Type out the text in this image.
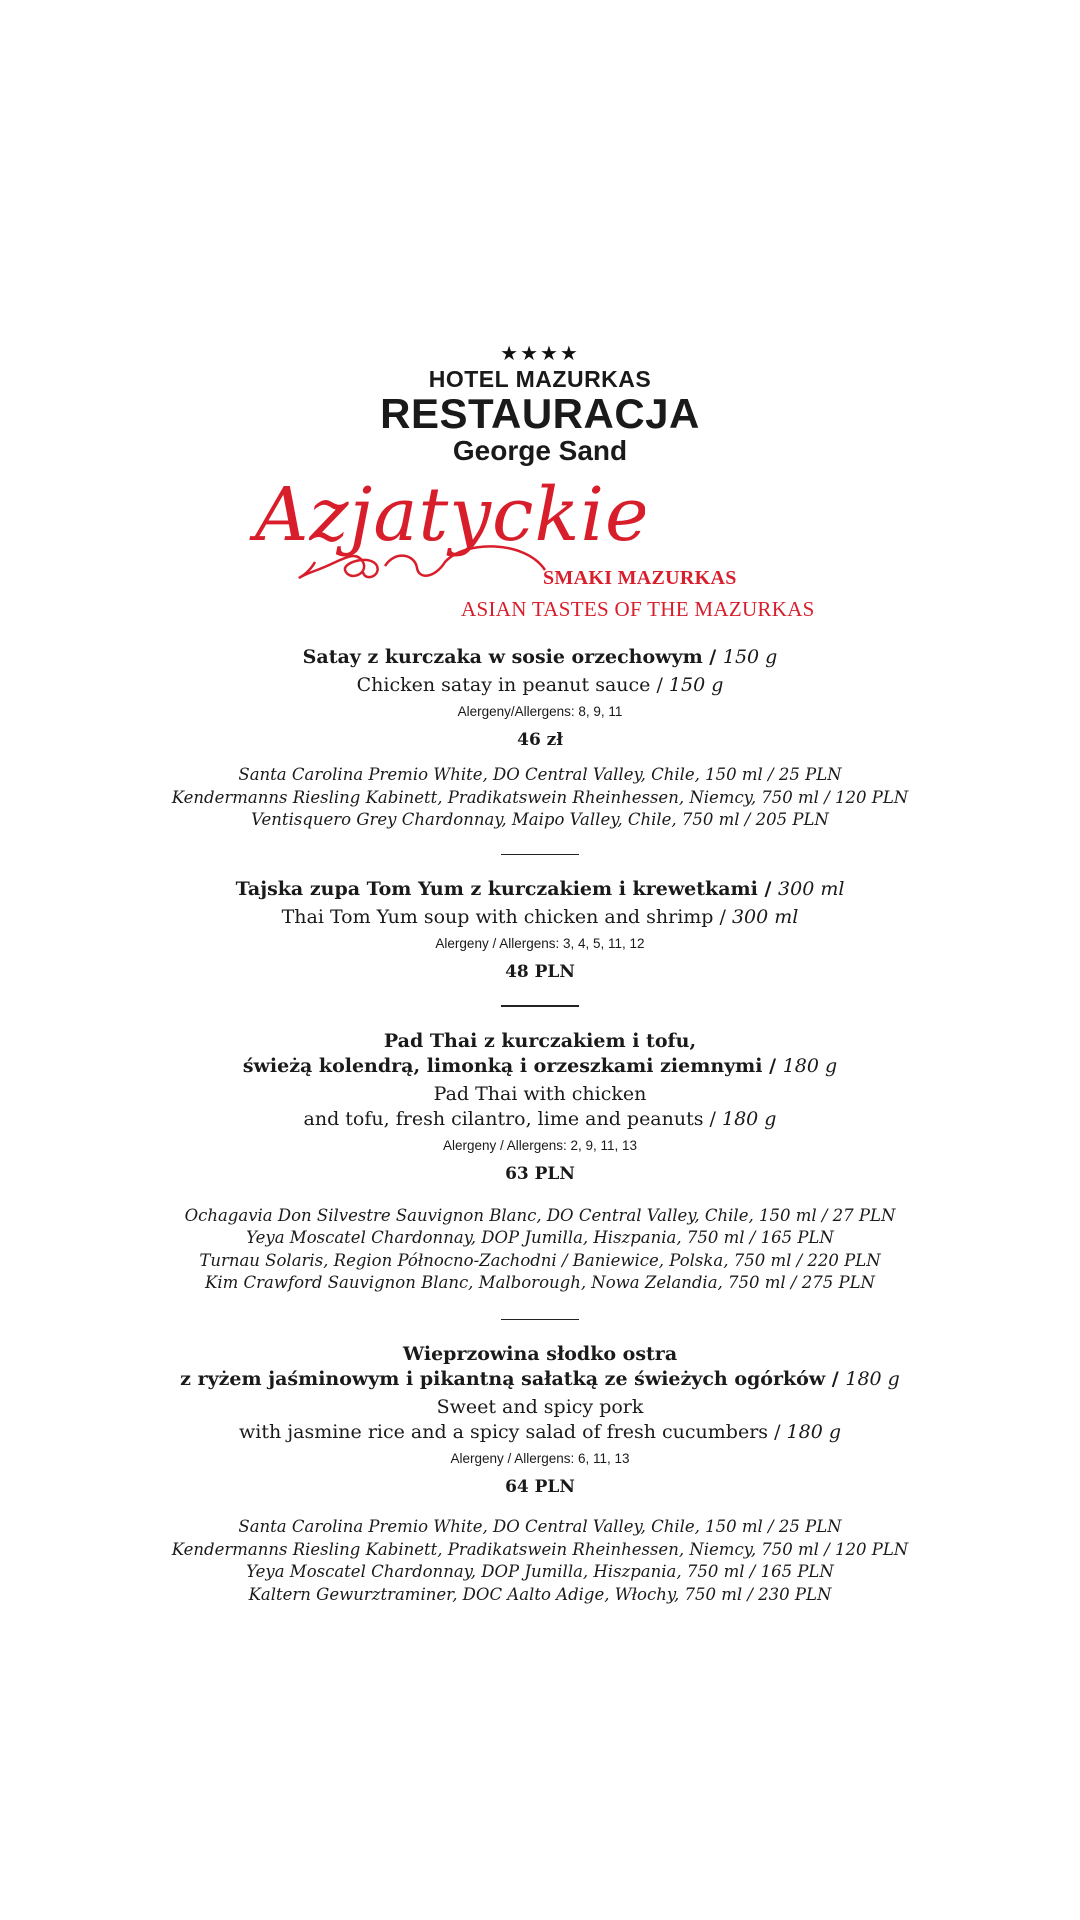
★★★★
HOTEL MAZURKAS
RESTAURACJA
George Sand
Azjatyckie
SMAKI MAZURKAS
ASIAN TASTES OF THE MAZURKAS
Satay z kurczaka w sosie orzechowym / 150 g
Chicken satay in peanut sauce / 150 g
Alergeny/Allergens: 8, 9, 11
46 zł
Santa Carolina Premio White, DO Central Valley, Chile, 150 ml / 25 PLN
Kendermanns Riesling Kabinett, Pradikatswein Rheinhessen, Niemcy, 750 ml / 120 PLN
Ventisquero Grey Chardonnay, Maipo Valley, Chile, 750 ml / 205 PLN
Tajska zupa Tom Yum z kurczakiem i krewetkami / 300 ml
Thai Tom Yum soup with chicken and shrimp / 300 ml
Alergeny / Allergens: 3, 4, 5, 11, 12
48 PLN
Pad Thai z kurczakiem i tofu,
świeżą kolendrą, limonką i orzeszkami ziemnymi / 180 g
Pad Thai with chicken
and tofu, fresh cilantro, lime and peanuts / 180 g
Alergeny / Allergens: 2, 9, 11, 13
63 PLN
Ochagavia Don Silvestre Sauvignon Blanc, DO Central Valley, Chile, 150 ml / 27 PLN
Yeya Moscatel Chardonnay, DOP Jumilla, Hiszpania, 750 ml / 165 PLN
Turnau Solaris, Region Północno-Zachodni / Baniewice, Polska, 750 ml / 220 PLN
Kim Crawford Sauvignon Blanc, Malborough, Nowa Zelandia, 750 ml / 275 PLN
Wieprzowina słodko ostra
z ryżem jaśminowym i pikantną sałatką ze świeżych ogórków / 180 g
Sweet and spicy pork
with jasmine rice and a spicy salad of fresh cucumbers / 180 g
Alergeny / Allergens: 6, 11, 13
64 PLN
Santa Carolina Premio White, DO Central Valley, Chile, 150 ml / 25 PLN
Kendermanns Riesling Kabinett, Pradikatswein Rheinhessen, Niemcy, 750 ml / 120 PLN
Yeya Moscatel Chardonnay, DOP Jumilla, Hiszpania, 750 ml / 165 PLN
Kaltern Gewurztraminer, DOC Aalto Adige, Włochy, 750 ml / 230 PLN
